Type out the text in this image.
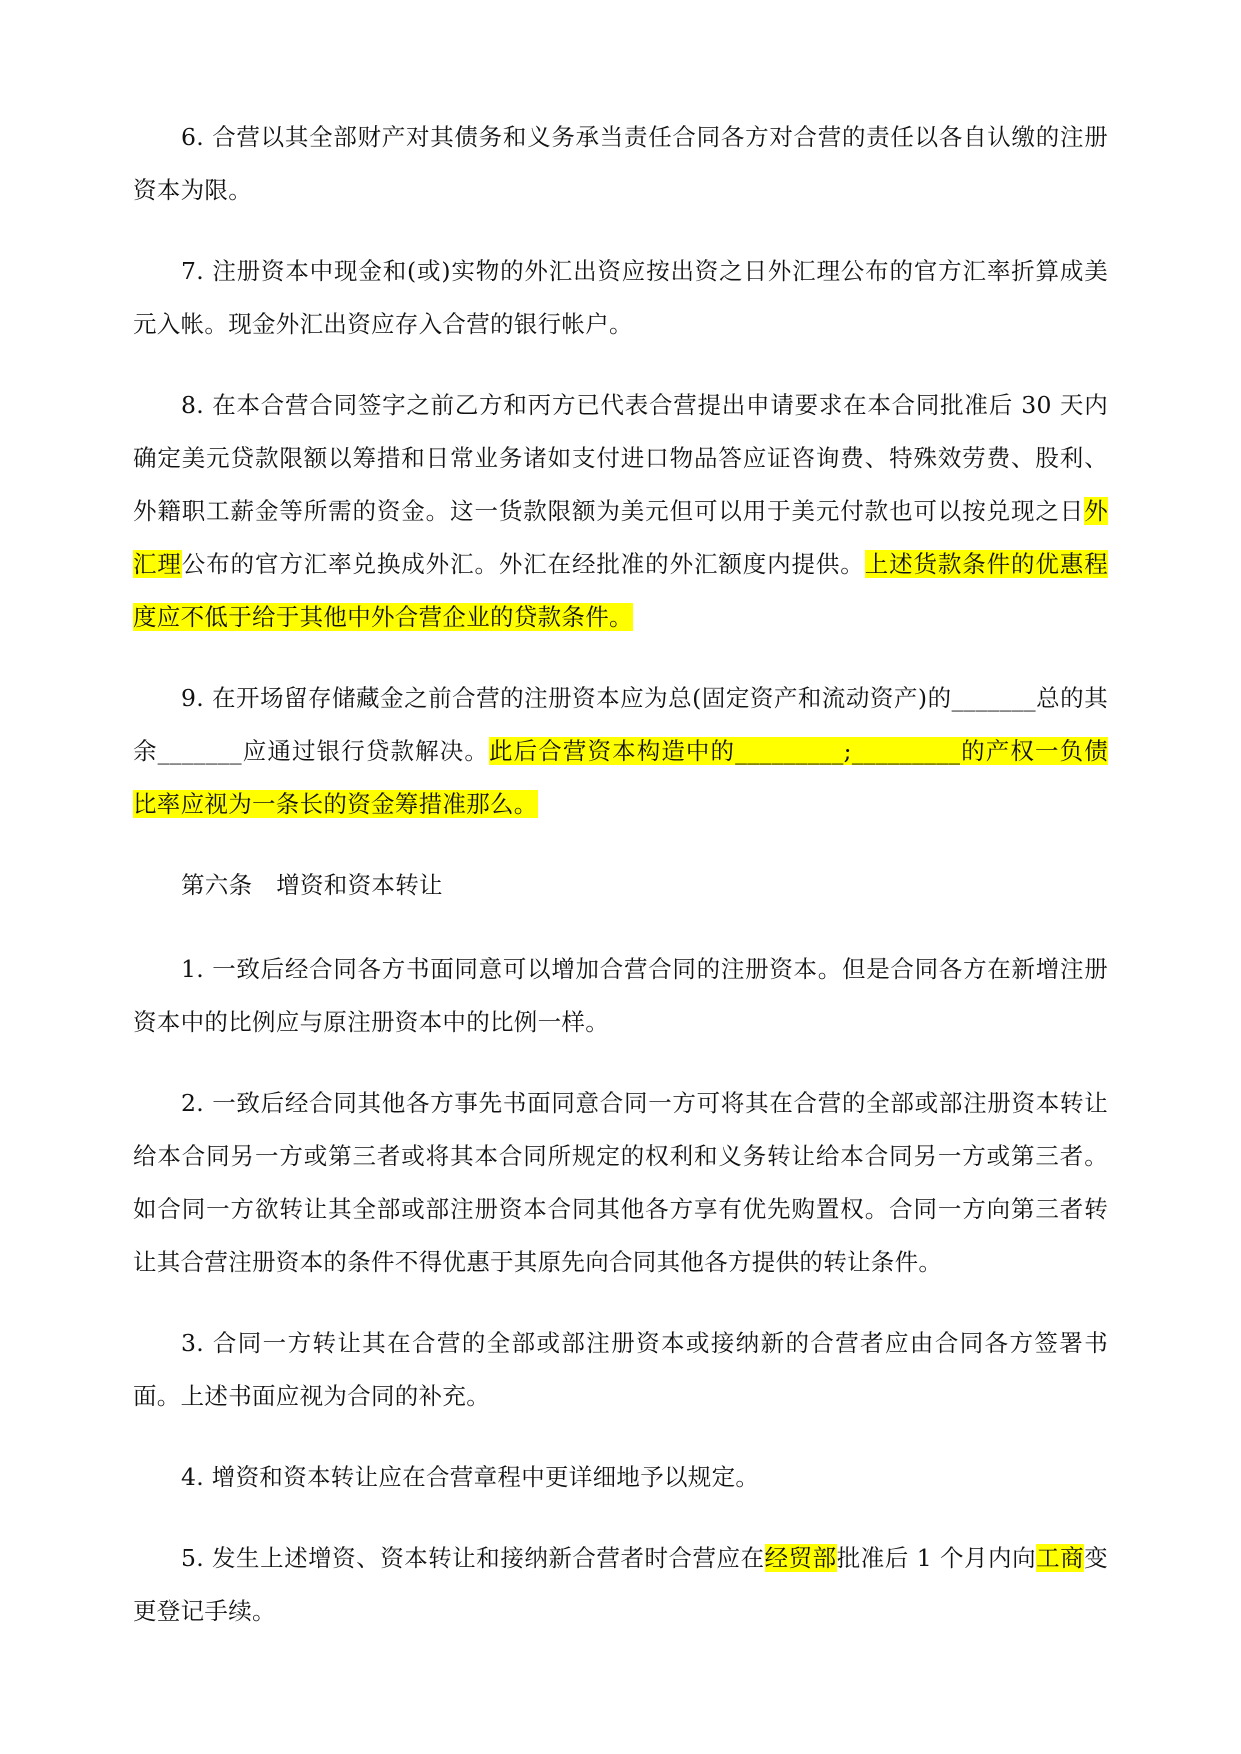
6. 合营以其全部财产对其债务和义务承当责任合同各方对合营的责任以各自认缴的注册资本为限。

7. 注册资本中现金和(或)实物的外汇出资应按出资之日外汇理公布的官方汇率折算成美元入帐。现金外汇出资应存入合营的银行帐户。

8. 在本合营合同签字之前乙方和丙方已代表合营提出申请要求在本合同批准后 30 天内确定美元贷款限额以筹措和日常业务诸如支付进口物品答应证咨询费、特殊效劳费、股利、外籍职工薪金等所需的资金。这一货款限额为美元但可以用于美元付款也可以按兑现之日外汇理公布的官方汇率兑换成外汇。外汇在经批准的外汇额度内提供。上述货款条件的优惠程度应不低于给于其他中外合营企业的贷款条件。

9. 在开场留存储藏金之前合营的注册资本应为总(固定资产和流动资产)的_______总的其余_______应通过银行贷款解决。此后合营资本构造中的_________;_________的产权一负债比率应视为一条长的资金筹措准那么。

第六条　增资和资本转让

1. 一致后经合同各方书面同意可以增加合营合同的注册资本。但是合同各方在新增注册资本中的比例应与原注册资本中的比例一样。

2. 一致后经合同其他各方事先书面同意合同一方可将其在合营的全部或部注册资本转让给本合同另一方或第三者或将其本合同所规定的权利和义务转让给本合同另一方或第三者。如合同一方欲转让其全部或部注册资本合同其他各方享有优先购置权。合同一方向第三者转让其合营注册资本的条件不得优惠于其原先向合同其他各方提供的转让条件。

3. 合同一方转让其在合营的全部或部注册资本或接纳新的合营者应由合同各方签署书面。上述书面应视为合同的补充。

4. 增资和资本转让应在合营章程中更详细地予以规定。

5. 发生上述增资、资本转让和接纳新合营者时合营应在经贸部批准后 1 个月内向工商变更登记手续。
